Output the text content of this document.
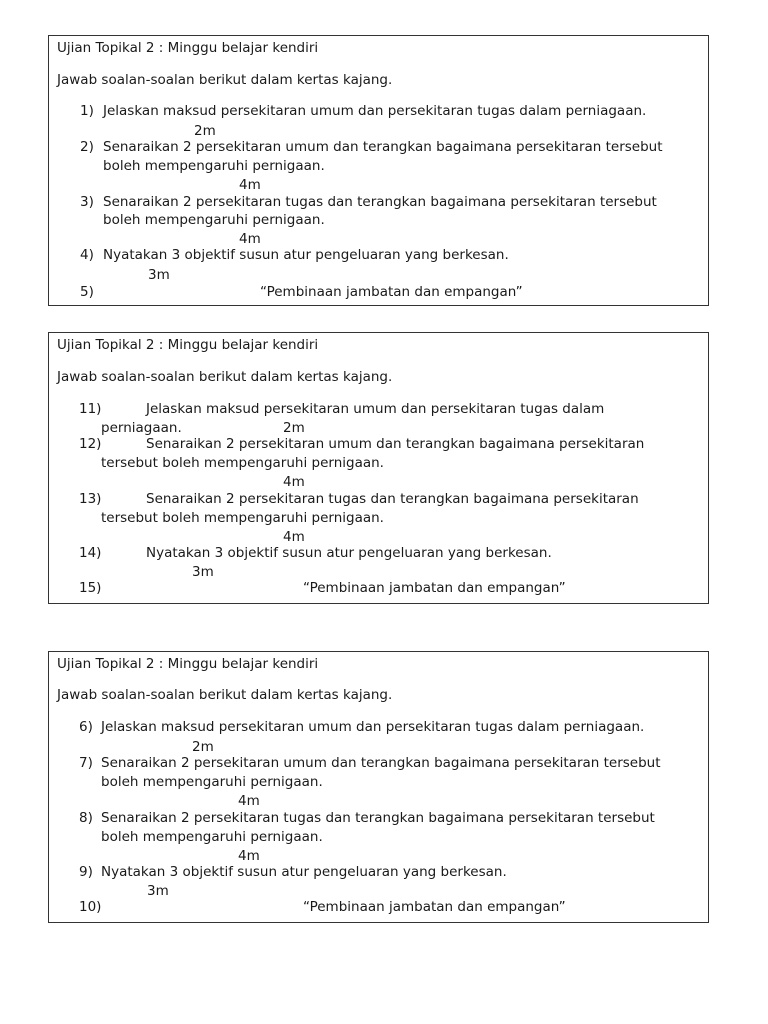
Ujian Topikal 2 : Minggu belajar kendiri
Jawab soalan-soalan berikut dalam kertas kajang.
1) Jelaskan maksud persekitaran umum dan persekitaran tugas dalam perniagaan.
2m
2) Senaraikan 2 persekitaran umum dan terangkan bagaimana persekitaran tersebut
boleh mempengaruhi pernigaan.
4m
3) Senaraikan 2 persekitaran tugas dan terangkan bagaimana persekitaran tersebut
boleh mempengaruhi pernigaan.
4m
4) Nyatakan 3 objektif susun atur pengeluaran yang berkesan.
3m
5)	“Pembinaan jambatan dan empangan”
Ujian Topikal 2 : Minggu belajar kendiri
Jawab soalan-soalan berikut dalam kertas kajang.
11)	Jelaskan maksud persekitaran umum dan persekitaran tugas dalam
perniagaan.	2m
12)	Senaraikan 2 persekitaran umum dan terangkan bagaimana persekitaran
tersebut boleh mempengaruhi pernigaan.
4m
13)	Senaraikan 2 persekitaran tugas dan terangkan bagaimana persekitaran
tersebut boleh mempengaruhi pernigaan.
4m
14)	Nyatakan 3 objektif susun atur pengeluaran yang berkesan.
3m
15)	“Pembinaan jambatan dan empangan”
Ujian Topikal 2 : Minggu belajar kendiri
Jawab soalan-soalan berikut dalam kertas kajang.
6) Jelaskan maksud persekitaran umum dan persekitaran tugas dalam perniagaan.
2m
7) Senaraikan 2 persekitaran umum dan terangkan bagaimana persekitaran tersebut
boleh mempengaruhi pernigaan.
4m
8) Senaraikan 2 persekitaran tugas dan terangkan bagaimana persekitaran tersebut
boleh mempengaruhi pernigaan.
4m
9) Nyatakan 3 objektif susun atur pengeluaran yang berkesan.
3m
10)	“Pembinaan jambatan dan empangan”
